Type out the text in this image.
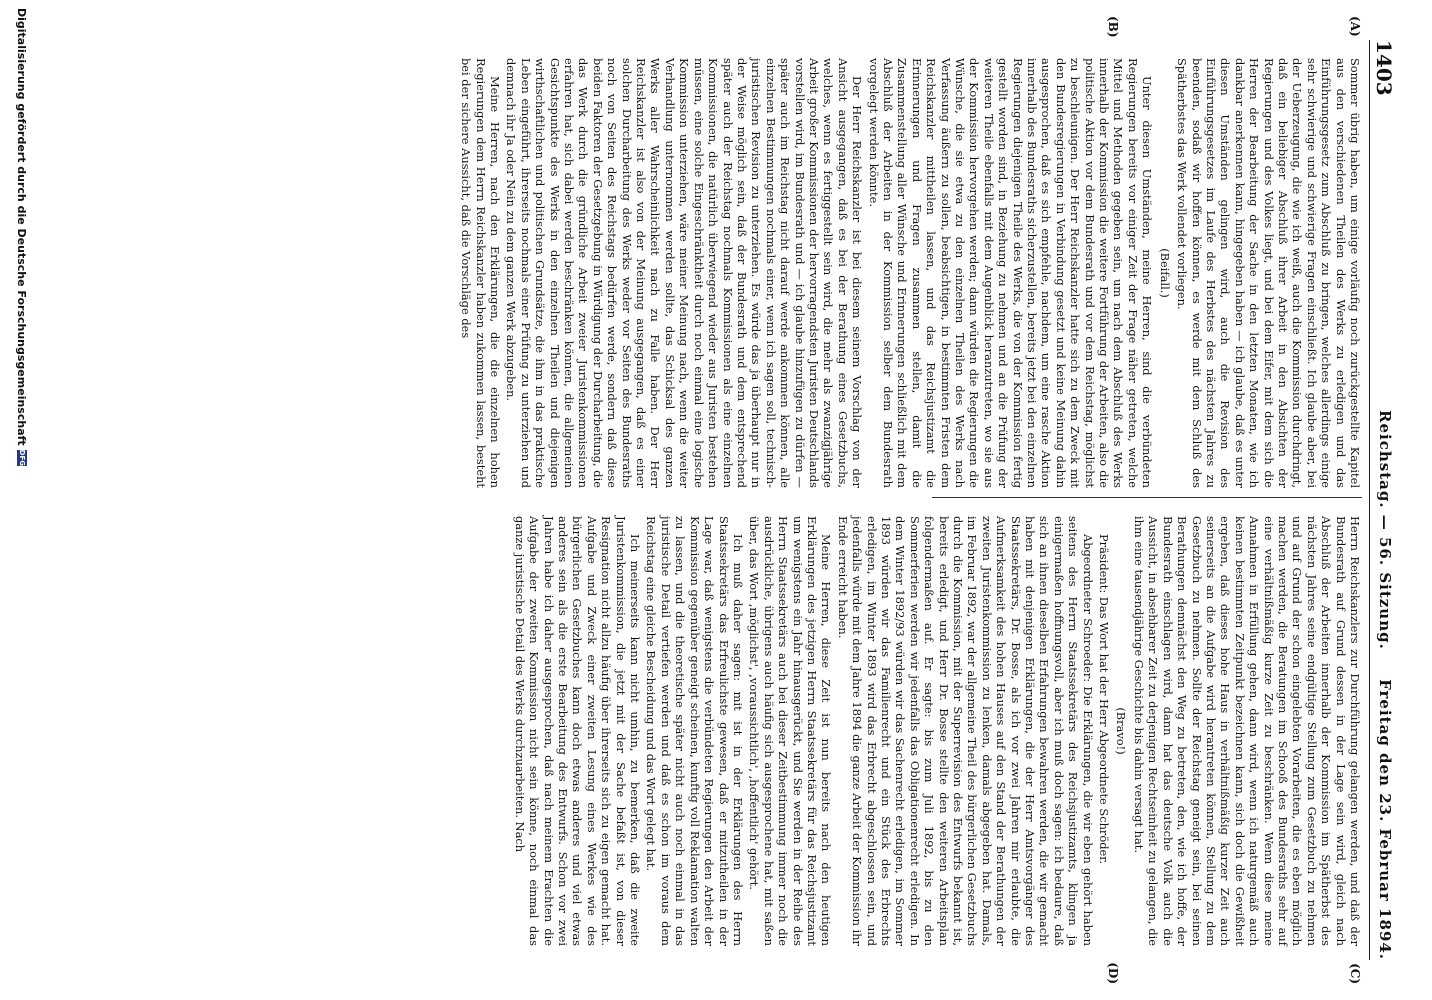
1403
Reichstag. — 56. Sitzung.
Freitag den 23. Februar 1894.
(A)
(B)
(C)
(D)

Sommer übrig haben, um einige vorläufig noch zurückgestellte Kapitel aus den verschiedenen Theilen des Werks zu erledigen und das Einführungsgesetz zum Abschluß zu bringen, welches allerdings einige sehr schwierige und schwierige Fragen einschließt. Ich glaube aber, bei der Ueberzeugung, die wie ich weiß, auch die Kommission durchdringt, daß ein beliebiger Abschluß ihrer Arbeit in den Absichten der Regierungen und des Volkes liegt, und bei dem Eifer, mit dem sich die Herren der Bearbeitung der Sache in den letzten Monaten, wie ich dankbar anerkennen kann, hingegeben haben — ich glaube, daß es unter diesen Umständen gelingen wird, auch die Revision des Einführungsgesetzes im Laufe des Herbstes des nächsten Jahres zu beenden, sodaß wir hoffen können, es werde mit dem Schluß des Spätherbstes das Werk vollendet vorliegen.

(Beifall.)

Unter diesen Umständen, meine Herren, sind die verbündeten Regierungen bereits vor einiger Zeit der Frage näher getreten, welche Mittel und Methoden gegeben sein, um nach dem Abschluß des Werks innerhalb der Kommission die weitere Fortführung der Arbeiten, also die politische Aktion vor dem Bundesrath und vor dem Reichstag, möglichst zu beschleunigen. Der Herr Reichskanzler hatte sich zu dem Zweck mit den Bundesregierungen in Verbindung gesetzt und keine Meinung dahin ausgesprochen, daß es sich empfehle, nachdem, um eine rasche Aktion innerhalb des Bundesraths sicherzustellen, bereits jetzt bei den einzelnen Regierungen diejenigen Theile des Werks, die von der Kommission fertig gestellt worden sind, in Beziehung zu nehmen und an die Prüfung der weiteren Theile ebenfalls mit dem Augenblick heranzutreten, wo sie aus der Kommission hervorgehen werden; dann würden die Regierungen die Wünsche, die sie etwa zu den einzelnen Theilen des Werks nach Verfassung äußern zu sollen, beabsichtigen, in bestimmten Fristen dem Reichskanzler mittheilen lassen, und das Reichsjustizamt die Erinnerungen und Fragen zusammen stellen, damit die Zusammenstellung aller Wünsche und Erinnerungen schließlich mit dem Abschluß der Arbeiten in der Kommission selber dem Bundesrath vorgelegt werden könnte.

Der Herr Reichskanzler ist bei diesem seinem Vorschlag von der Ansicht ausgegangen, daß es bei der Berathung eines Gesetzbuchs, welches, wenn es fertiggestellt sein wird, die mehr als zwanzigjährige Arbeit großer Kommissionen der hervorragendsten Juristen Deutschlands vorstellen wird, im Bundesrath und — ich glaube hinzufügen zu dürfen — später auch im Reichstag nicht darauf werde ankommen können, alle einzelnen Bestimmungen nochmals einer, wenn ich sagen soll, technisch-juristischen Revision zu unterziehen. Es würde das ja überhaupt nur in der Weise möglich sein, daß der Bundesrath und dem entsprechend später auch der Reichstag nochmals Kommissionen als eine einzelnen Kommissionen, die natürlich überwiegend wieder aus Juristen bestehen müssen, eine solche Eingeschränktheit durch noch einmal eine logische Kommission unterziehen, wäre meiner Meinung nach, wenn die weiter Verhandlung unternommen werden sollte, das Schicksal des ganzen Werks aller Wahrscheinlichkeit nach zu Falle haben. Der Herr Reichskanzler ist also von der Meinung ausgegangen, daß es einer solchen Durcharbeitung des Werks weder vor Seiten des Bundesraths noch von Seiten des Reichstags bedürfen werde, sondern daß diese beiden Faktoren der Gesetzgebung in Würdigung der Durcharbeitung, die das Werk durch die gründliche Arbeit zweier Juristenkommissionen erfahren hat, sich dabei werden beschränken können, die allgemeinen Gesichtspunkte des Werks in den einzelnen Theilen und diejenigen wirthschaftlichen und politischen Grundsätze, die ihm in das praktische Leben eingeführt, ihrerseits nochmals einer Prüfung zu unterziehen und demnach ihr Ja oder Nein zu dem ganzen Werk abzugeben.

Meine Herren, nach den Erklärungen, die die einzelnen hohen Regierungen dem Herrn Reichskanzler haben zukommen lassen, besteht bei der sichere Aussicht, daß die Vorschläge des

Herrn Reichskanzlers zur Durchführung gelangen werden, und daß der Bundesrath auf Grund dessen in der Lage sein wird, gleich nach Abschluß der Arbeiten innerhalb der Kommission im Spätherbst des nächsten Jahres seine endgültige Stellung zum Gesetzbuch zu nehmen und auf Grund der schon eingelebten Vorarbeiten, die es eben möglich machen werden, die Beratungen im Schooß des Bundesraths sehr auf eine verhältnißmäßig kurze Zeit zu beschränken. Wenn diese meine Annahmen in Erfüllung gehen, dann wird, wenn ich naturgemäß auch keinen bestimmten Zeitpunkt bezeichnen kann, sich doch die Gewißheit ergeben, daß dieses hohe Haus in verhältnißmäßig kurzer Zeit auch seinerseits an die Aufgabe wird herantreten können, Stellung zu dem Gesetzbuch zu nehmen. Sollte der Reichstag geneigt sein, bei seinen Berathungen demnächst den Weg zu betreten, den, wie ich hoffe, der Bundesrath einschlagen wird, dann hat das deutsche Volk auch die Aussicht, in absehbarer Zeit zu derjenigen Rechtseinheit zu gelangen, die ihm eine tausendjährige Geschichte bis dahin versagt hat.

(Bravo!)

Präsident: Das Wort hat der Herr Abgeordnete Schröder.

Abgeordneter Schroeder: Die Erklärungen, die wir eben gehört haben seitens des Herrn Staatssekretärs des Reichsjustizamts, klingen ja einigermaßen hoffnungsvoll, aber ich muß doch sagen: ich bedaure, daß sich an ihnen dieselben Erfahrungen bewahren werden, die wir gemacht haben mit denjenigen Erklärungen, die der Herr Amtsvorgänger des Staatssekretärs, Dr. Bosse, als ich vor zwei Jahren mir erlaubte, die Aufmerksamkeit des hohen Hauses auf den Stand der Berathungen der zweiten Juristenkommission zu lenken, damals abgegeben hat. Damals, im Februar 1892, war der allgemeine Theil des bürgerlichen Gesetzbuchs durch die Kommission, mit der Superrevision des Entwurfs bekannt ist, bereits erledigt, und Herr Dr. Bosse stellte den weiteren Arbeitsplan folgendermaßen auf. Er sagte: bis zum Juli 1892, bis zu den Sommerferien werden wir jedenfalls das Obligationenrecht erledigen. In dem Winter 1892/93 würden wir das Sachenrecht erledigen, im Sommer 1893 würden wir das Familienrecht und ein Stück des Erbrechts erledigen, im Winter 1893 wird das Erbrecht abgeschlossen sein, und jedenfalls würde mit dem Jahre 1894 die ganze Arbeit der Kommission ihr Ende erreicht haben.

Meine Herren, diese Zeit ist nun bereits nach den heutigen Erklärungen des jetzigen Herrn Staatssekretärs für das Reichsjustizamt um wenigstens ein Jahr hinausgerückt, und Sie werden in der Reihe des Herrn Staatssekretärs auch bei dieser Zeitbestimmung immer noch die ausdrückliche, übrigens auch häufig sich ausgesprochene hat, mit saßen über, das Wort ,möglichst', ,voraussichtlich', ,hoffentlich' gehört.

Ich muß daher sagen: mit ist in der Erklärungen des Herrn Staatssekretärs das Erfreulichste gewesen, daß er mitzutheilen in der Lage war, daß wenigstens die verbündeten Regierungen den Arbeit der Kommission gegenüber geneigt scheinen, kunftig voll Reklamation walten zu lassen, und die theoretische später nicht auch noch einmal in das juristische Detail vertiefen werden und daß es schon im voraus dem Reichstag eine gleiche Bescheidung und das Wort gelegt hat.

Ich meinerseits kann nicht umhin, zu bemerken, daß die zweite Juristenkommission, die jetzt mit der Sache befaßt ist, von dieser Resignation nicht allzu häufig über ihrerseits sich zu eigen gemacht hat. Aufgabe und Zweck einer zweiten Lesung eines Werkes wie des bürgerlichen Gesetzbuches kann doch etwas anderes und viel etwas anderes sein als die erste Bearbeitung des Entwurfs. Schon vor zwei Jahren habe ich daher ausgesprochen, daß nach meinem Erachten die Aufgabe der zweiten Kommission nicht sein könne, noch einmal das ganze juristische Detail des Werks durchzuarbeiten. Nach

Digitalisierung gefördert durch die Deutsche Forschungsgemeinschaft
DFG
